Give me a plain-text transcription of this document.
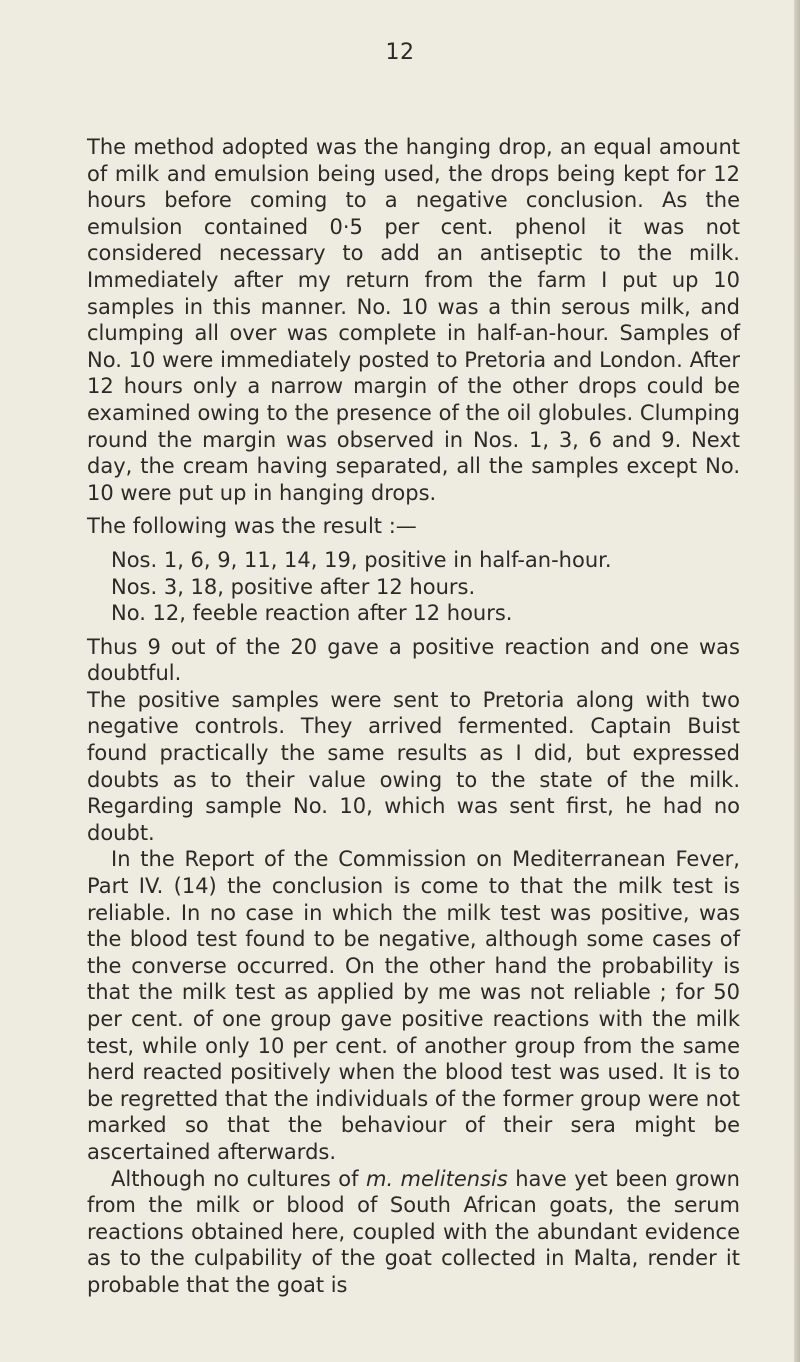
12

The method adopted was the hanging drop, an equal amount of milk and emulsion being used, the drops being kept for 12 hours before coming to a negative conclusion. As the emulsion contained 0·5 per cent. phenol it was not considered necessary to add an antiseptic to the milk. Immediately after my return from the farm I put up 10 samples in this manner. No. 10 was a thin serous milk, and clumping all over was complete in half-an-hour. Samples of No. 10 were immediately posted to Pretoria and London. After 12 hours only a narrow margin of the other drops could be examined owing to the presence of the oil globules. Clumping round the margin was observed in Nos. 1, 3, 6 and 9. Next day, the cream having separated, all the samples except No. 10 were put up in hanging drops.

The following was the result :—

Nos. 1, 6, 9, 11, 14, 19, positive in half-an-hour.

Nos. 3, 18, positive after 12 hours.

No. 12, feeble reaction after 12 hours.

Thus 9 out of the 20 gave a positive reaction and one was doubtful.

The positive samples were sent to Pretoria along with two negative controls. They arrived fermented. Captain Buist found practically the same results as I did, but expressed doubts as to their value owing to the state of the milk. Regarding sample No. 10, which was sent first, he had no doubt.

In the Report of the Commission on Mediterranean Fever, Part IV. (14) the conclusion is come to that the milk test is reliable. In no case in which the milk test was positive, was the blood test found to be negative, although some cases of the converse occurred. On the other hand the probability is that the milk test as applied by me was not reliable ; for 50 per cent. of one group gave positive reactions with the milk test, while only 10 per cent. of another group from the same herd reacted positively when the blood test was used. It is to be regretted that the individuals of the former group were not marked so that the behaviour of their sera might be ascertained afterwards.

Although no cultures of m. melitensis have yet been grown from the milk or blood of South African goats, the serum reactions obtained here, coupled with the abundant evidence as to the culpability of the goat collected in Malta, render it probable that the goat is
